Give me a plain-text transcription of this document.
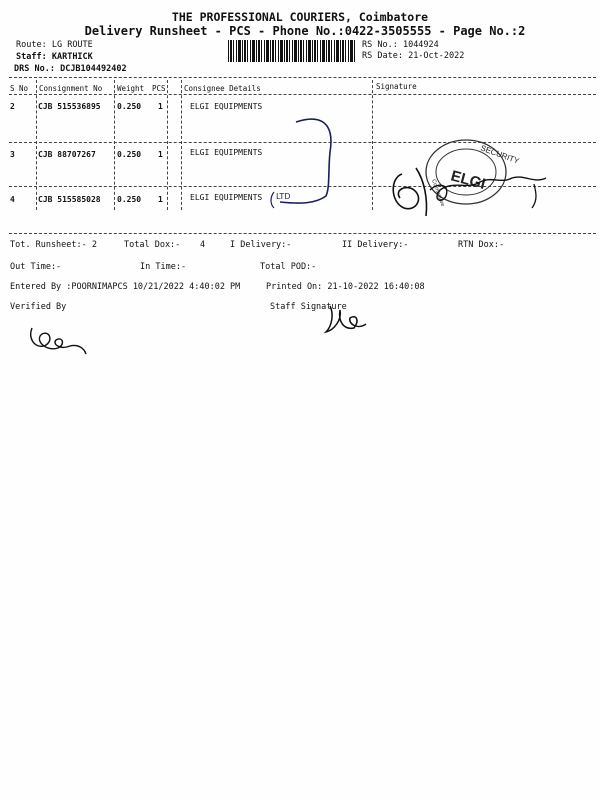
THE PROFESSIONAL COURIERS, Coimbatore
Delivery Runsheet - PCS - Phone No.:0422-3505555 - Page No.:2
Route: LG ROUTE
Staff: KARTHICK
DRS No.: DCJB104492402
RS No.: 1044924
RS Date: 21-Oct-2022
S No Consignment No Weight PCS Consignee Details	Signature
2	CJB 515536895 0.250 1	ELGI EQUIPMENTS
3	CJB 88707267	0.250 1	ELGI EQUIPMENTS
4	CJB 515585028 0.250 1	ELGI EQUIPMENTS LTD
SECURITY
ELGI
Coimbatore
Tot. Runsheet:- 2	Total Dox:- 4	I Delivery:-	II Delivery:-	RTN Dox:-
Out Time:-	In Time:-	Total POD:-
Entered By :POORNIMAPCS 10/21/2022 4:40:02 PM	Printed On: 21-10-2022 16:40:08
Verified By	Staff Signature
